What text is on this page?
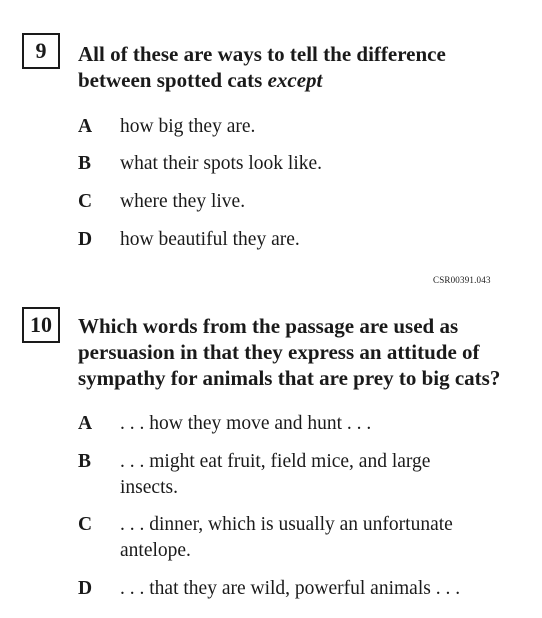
9	All of these are ways to tell the difference between spotted cats except
A how big they are.
B what their spots look like.
C where they live.
D how beautiful they are.
CSR00391.043
10	Which words from the passage are used as persuasion in that they express an attitude of sympathy for animals that are prey to big cats?
A . . . how they move and hunt . . .
B . . . might eat fruit, field mice, and large insects.
C . . . dinner, which is usually an unfortunate antelope.
D . . . that they are wild, powerful animals . . .
